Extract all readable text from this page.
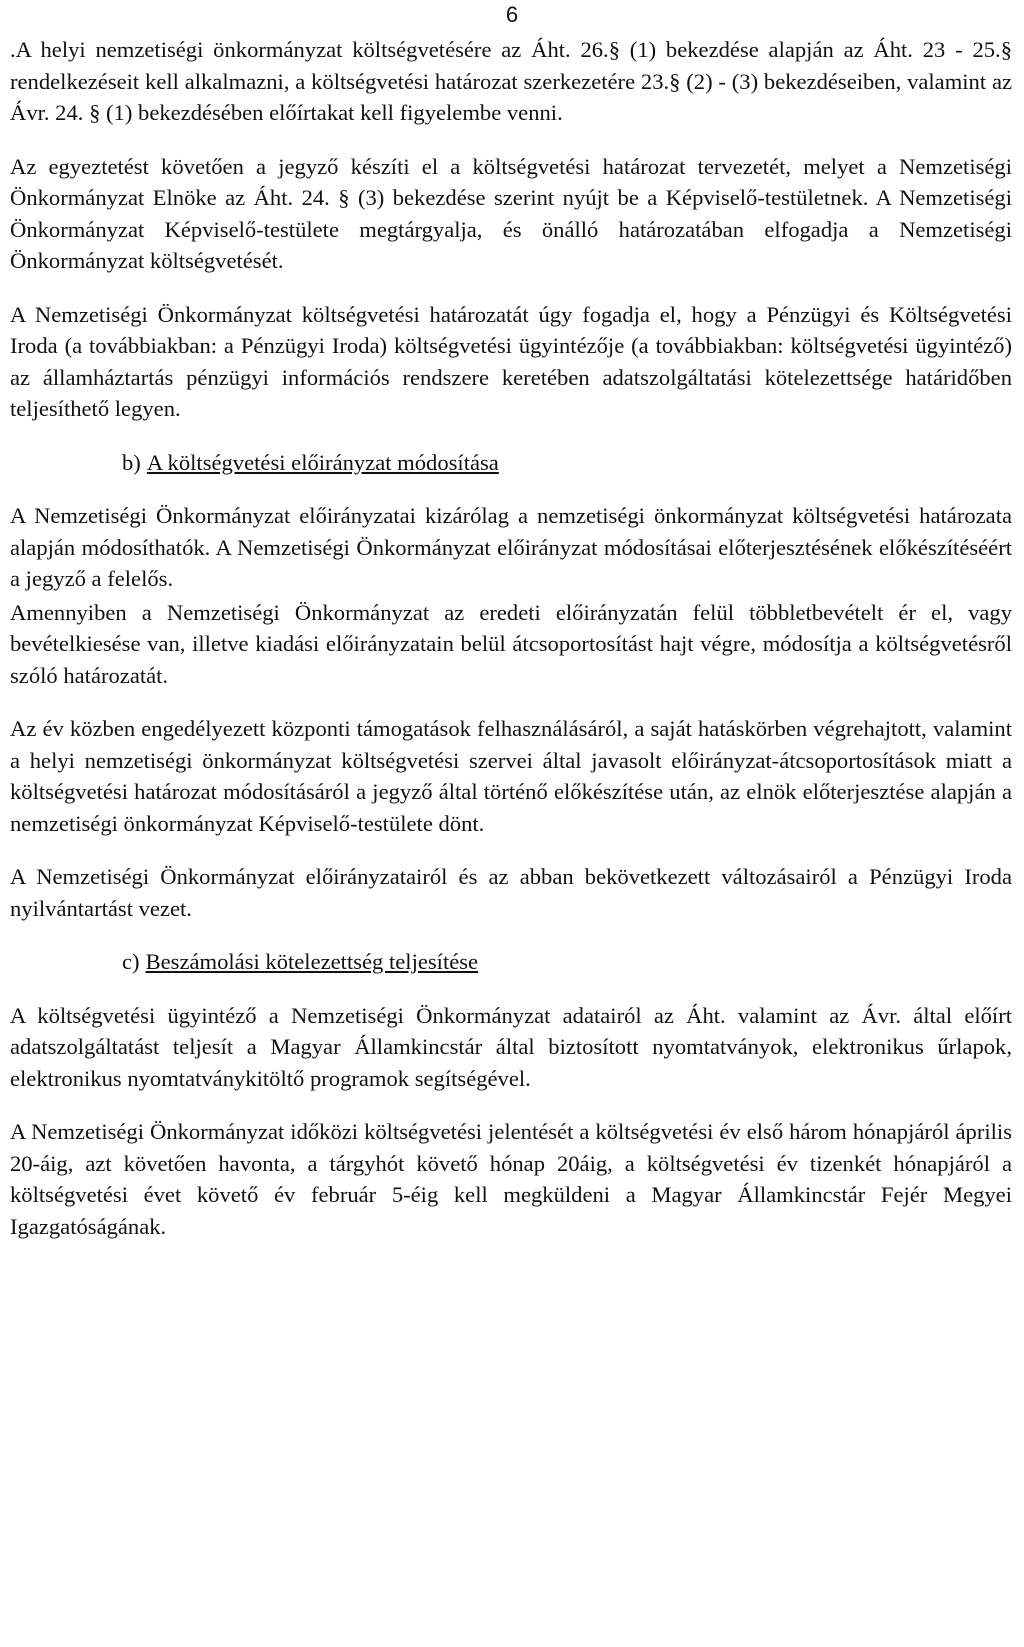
6

.A helyi nemzetiségi önkormányzat költségvetésére az Áht. 26.§ (1) bekezdése alapján az Áht. 23 - 25.§ rendelkezéseit kell alkalmazni, a költségvetési határozat szerkezetére 23.§ (2) - (3) bekezdéseiben, valamint az Ávr. 24. § (1) bekezdésében előírtakat kell figyelembe venni.

Az egyeztetést követően a jegyző készíti el a költségvetési határozat tervezetét, melyet a Nemzetiségi Önkormányzat Elnöke az Áht. 24. § (3) bekezdése szerint nyújt be a Képviselő-testületnek. A Nemzetiségi Önkormányzat Képviselő-testülete megtárgyalja, és önálló határozatában elfogadja a Nemzetiségi Önkormányzat költségvetését.

A Nemzetiségi Önkormányzat költségvetési határozatát úgy fogadja el, hogy a Pénzügyi és Költségvetési Iroda (a továbbiakban: a Pénzügyi Iroda) költségvetési ügyintézője (a továbbiakban: költségvetési ügyintéző) az államháztartás pénzügyi információs rendszere keretében adatszolgáltatási kötelezettsége határidőben teljesíthető legyen.

b) A költségvetési előirányzat módosítása

A Nemzetiségi Önkormányzat előirányzatai kizárólag a nemzetiségi önkormányzat költségvetési határozata alapján módosíthatók. A Nemzetiségi Önkormányzat előirányzat módosításai előterjesztésének előkészítéséért a jegyző a felelős.

Amennyiben a Nemzetiségi Önkormányzat az eredeti előirányzatán felül többletbevételt ér el, vagy bevételkiesése van, illetve kiadási előirányzatain belül átcsoportosítást hajt végre, módosítja a költségvetésről szóló határozatát.

Az év közben engedélyezett központi támogatások felhasználásáról, a saját hatáskörben végrehajtott, valamint a helyi nemzetiségi önkormányzat költségvetési szervei által javasolt előirányzat-átcsoportosítások miatt a költségvetési határozat módosításáról a jegyző által történő előkészítése után, az elnök előterjesztése alapján a nemzetiségi önkormányzat Képviselő-testülete dönt.

A Nemzetiségi Önkormányzat előirányzatairól és az abban bekövetkezett változásairól a Pénzügyi Iroda nyilvántartást vezet.

c) Beszámolási kötelezettség teljesítése

A költségvetési ügyintéző a Nemzetiségi Önkormányzat adatairól az Áht. valamint az Ávr. által előírt adatszolgáltatást teljesít a Magyar Államkincstár által biztosított nyomtatványok, elektronikus űrlapok, elektronikus nyomtatványkitöltő programok segítségével.

A Nemzetiségi Önkormányzat időközi költségvetési jelentését a költségvetési év első három hónapjáról április 20-áig, azt követően havonta, a tárgyhót követő hónap 20áig, a költségvetési év tizenkét hónapjáról a költségvetési évet követő év február 5-éig kell megküldeni a Magyar Államkincstár Fejér Megyei Igazgatóságának.
